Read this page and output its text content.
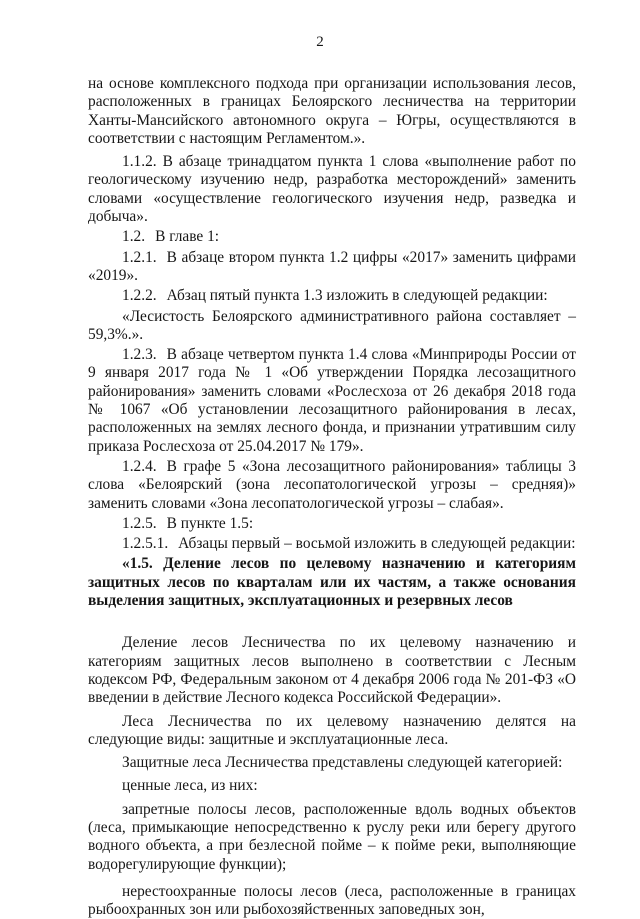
2

на основе комплексного подхода при организации использования лесов, расположенных в границах Белоярского лесничества на территории Ханты-Мансийского автономного округа – Югры, осуществляются в соответствии с настоящим Регламентом.».

1.1.2. В абзаце тринадцатом пункта 1 слова «выполнение работ по геологическому изучению недр, разработка месторождений» заменить словами «осуществление геологического изучения недр, разведка и добыча».

1.2. В главе 1:

1.2.1. В абзаце втором пункта 1.2 цифры «2017» заменить цифрами «2019».

1.2.2. Абзац пятый пункта 1.3 изложить в следующей редакции:

«Лесистость Белоярского административного района составляет – 59,3%.».

1.2.3. В абзаце четвертом пункта 1.4 слова «Минприроды России от 9 января 2017 года № 1 «Об утверждении Порядка лесозащитного районирования» заменить словами «Рослесхоза от 26 декабря 2018 года № 1067 «Об установлении лесозащитного районирования в лесах, расположенных на землях лесного фонда, и признании утратившим силу приказа Рослесхоза от 25.04.2017 № 179».

1.2.4. В графе 5 «Зона лесозащитного районирования» таблицы 3 слова «Белоярский (зона лесопатологической угрозы – средняя)» заменить словами «Зона лесопатологической угрозы – слабая».

1.2.5. В пункте 1.5:

1.2.5.1. Абзацы первый – восьмой изложить в следующей редакции:

«1.5. Деление лесов по целевому назначению и категориям защитных лесов по кварталам или их частям, а также основания выделения защитных, эксплуатационных и резервных лесов

Деление лесов Лесничества по их целевому назначению и категориям защитных лесов выполнено в соответствии с Лесным кодексом РФ, Федеральным законом от 4 декабря 2006 года № 201-ФЗ «О введении в действие Лесного кодекса Российской Федерации».

Леса Лесничества по их целевому назначению делятся на следующие виды: защитные и эксплуатационные леса.

Защитные леса Лесничества представлены следующей категорией:

ценные леса, из них:

запретные полосы лесов, расположенные вдоль водных объектов (леса, примыкающие непосредственно к руслу реки или берегу другого водного объекта, а при безлесной пойме – к пойме реки, выполняющие водорегулирующие функции);

нерестоохранные полосы лесов (леса, расположенные в границах рыбоохранных зон или рыбохозяйственных заповедных зон,
